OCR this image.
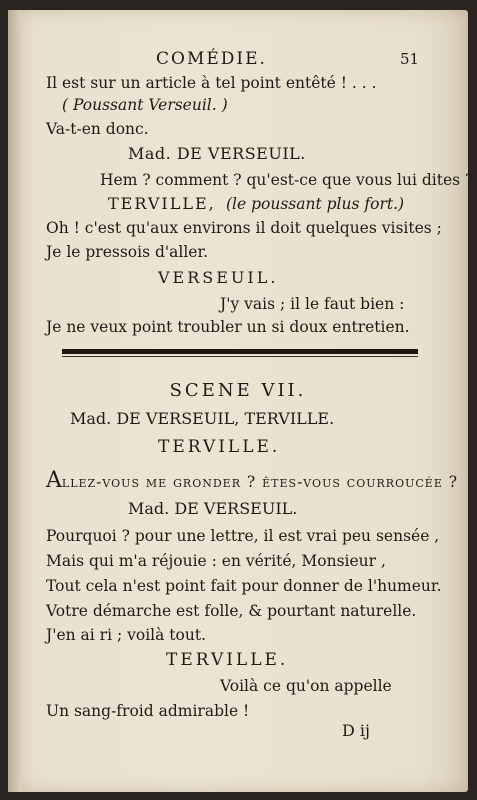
COMÉDIE.	51
Il est sur un article à tel point entêté ! . . .
( Poussant Verseuil. )
Va-t-en donc.
Mad. DE VERSEUIL.
Hem ? comment ? qu'est-ce que vous lui dites ?
TERVILLE, (le poussant plus fort.)
Oh ! c'est qu'aux environs il doit quelques visites ;
Je le pressois d'aller.
VERSEUIL.
J'y vais ; il le faut bien :
Je ne veux point troubler un si doux entretien.
SCENE VII.
Mad. DE VERSEUIL, TERVILLE.
TERVILLE.
Allez-vous me gronder ? êtes-vous courroucée ?
Mad. DE VERSEUIL.
Pourquoi ? pour une lettre, il est vrai peu sensée ,
Mais qui m'a réjouie : en vérité, Monsieur ,
Tout cela n'est point fait pour donner de l'humeur.
Votre démarche est folle, & pourtant naturelle.
J'en ai ri ; voilà tout.
TERVILLE.
Voilà ce qu'on appelle
Un sang-froid admirable !
D ij
